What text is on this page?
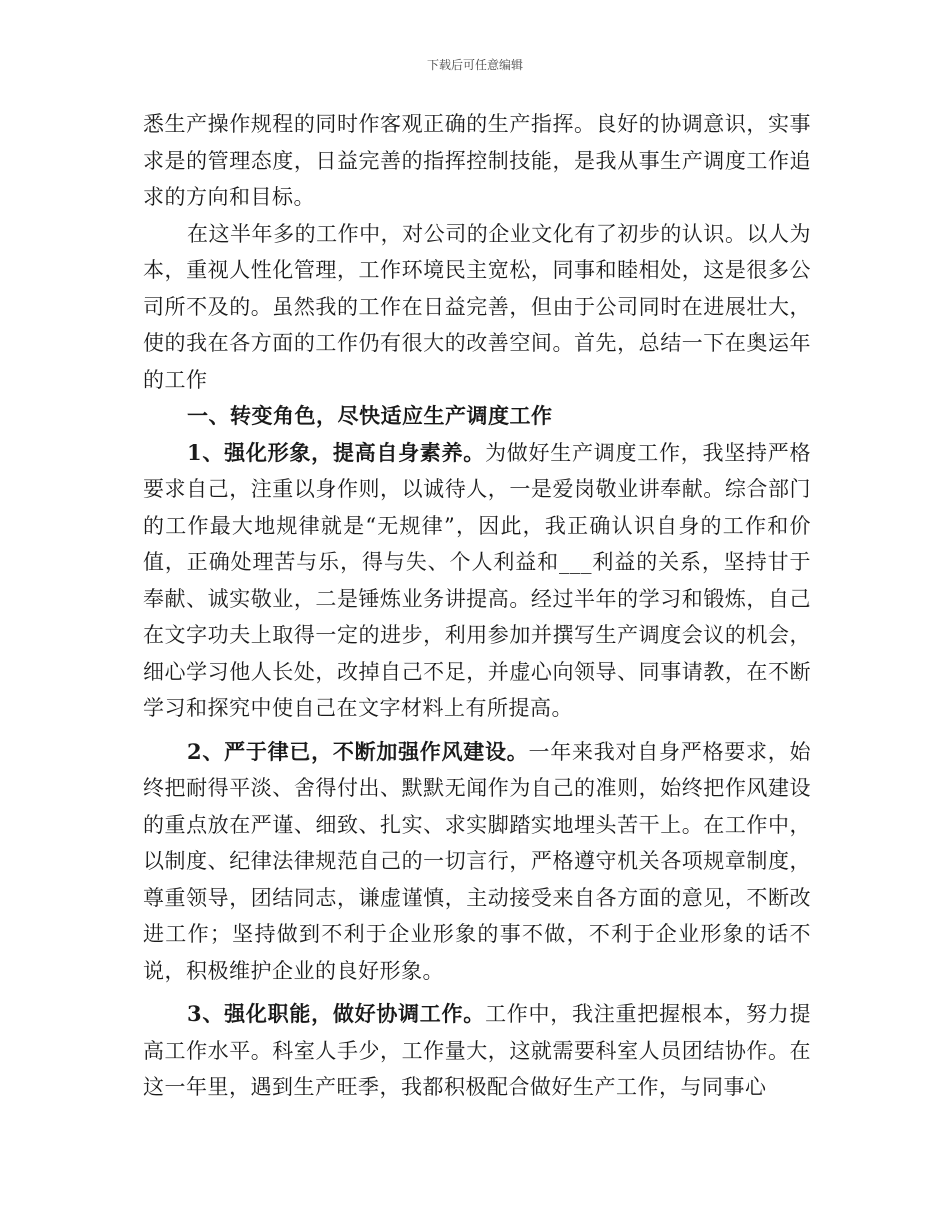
下载后可任意编辑

悉生产操作规程的同时作客观正确的生产指挥。良好的协调意识，实事求是的管理态度，日益完善的指挥控制技能，是我从事生产调度工作追求的方向和目标。

在这半年多的工作中，对公司的企业文化有了初步的认识。以人为本，重视人性化管理，工作环境民主宽松，同事和睦相处，这是很多公司所不及的。虽然我的工作在日益完善，但由于公司同时在进展壮大，使的我在各方面的工作仍有很大的改善空间。首先，总结一下在奥运年的工作

一、转变角色，尽快适应生产调度工作

1、强化形象，提高自身素养。为做好生产调度工作，我坚持严格要求自己，注重以身作则，以诚待人，一是爱岗敬业讲奉献。综合部门的工作最大地规律就是“无规律”，因此，我正确认识自身的工作和价值，正确处理苦与乐，得与失、个人利益和___利益的关系，坚持甘于奉献、诚实敬业，二是锤炼业务讲提高。经过半年的学习和锻炼，自己在文字功夫上取得一定的进步，利用参加并撰写生产调度会议的机会，细心学习他人长处，改掉自己不足，并虚心向领导、同事请教，在不断学习和探究中使自己在文字材料上有所提高。

2、严于律已，不断加强作风建设。一年来我对自身严格要求，始终把耐得平淡、舍得付出、默默无闻作为自己的准则，始终把作风建设的重点放在严谨、细致、扎实、求实脚踏实地埋头苦干上。在工作中，以制度、纪律法律规范自己的一切言行，严格遵守机关各项规章制度，尊重领导，团结同志，谦虚谨慎，主动接受来自各方面的意见，不断改进工作；坚持做到不利于企业形象的事不做，不利于企业形象的话不说，积极维护企业的良好形象。

3、强化职能，做好协调工作。工作中，我注重把握根本，努力提高工作水平。科室人手少，工作量大，这就需要科室人员团结协作。在这一年里，遇到生产旺季，我都积极配合做好生产工作，与同事心
